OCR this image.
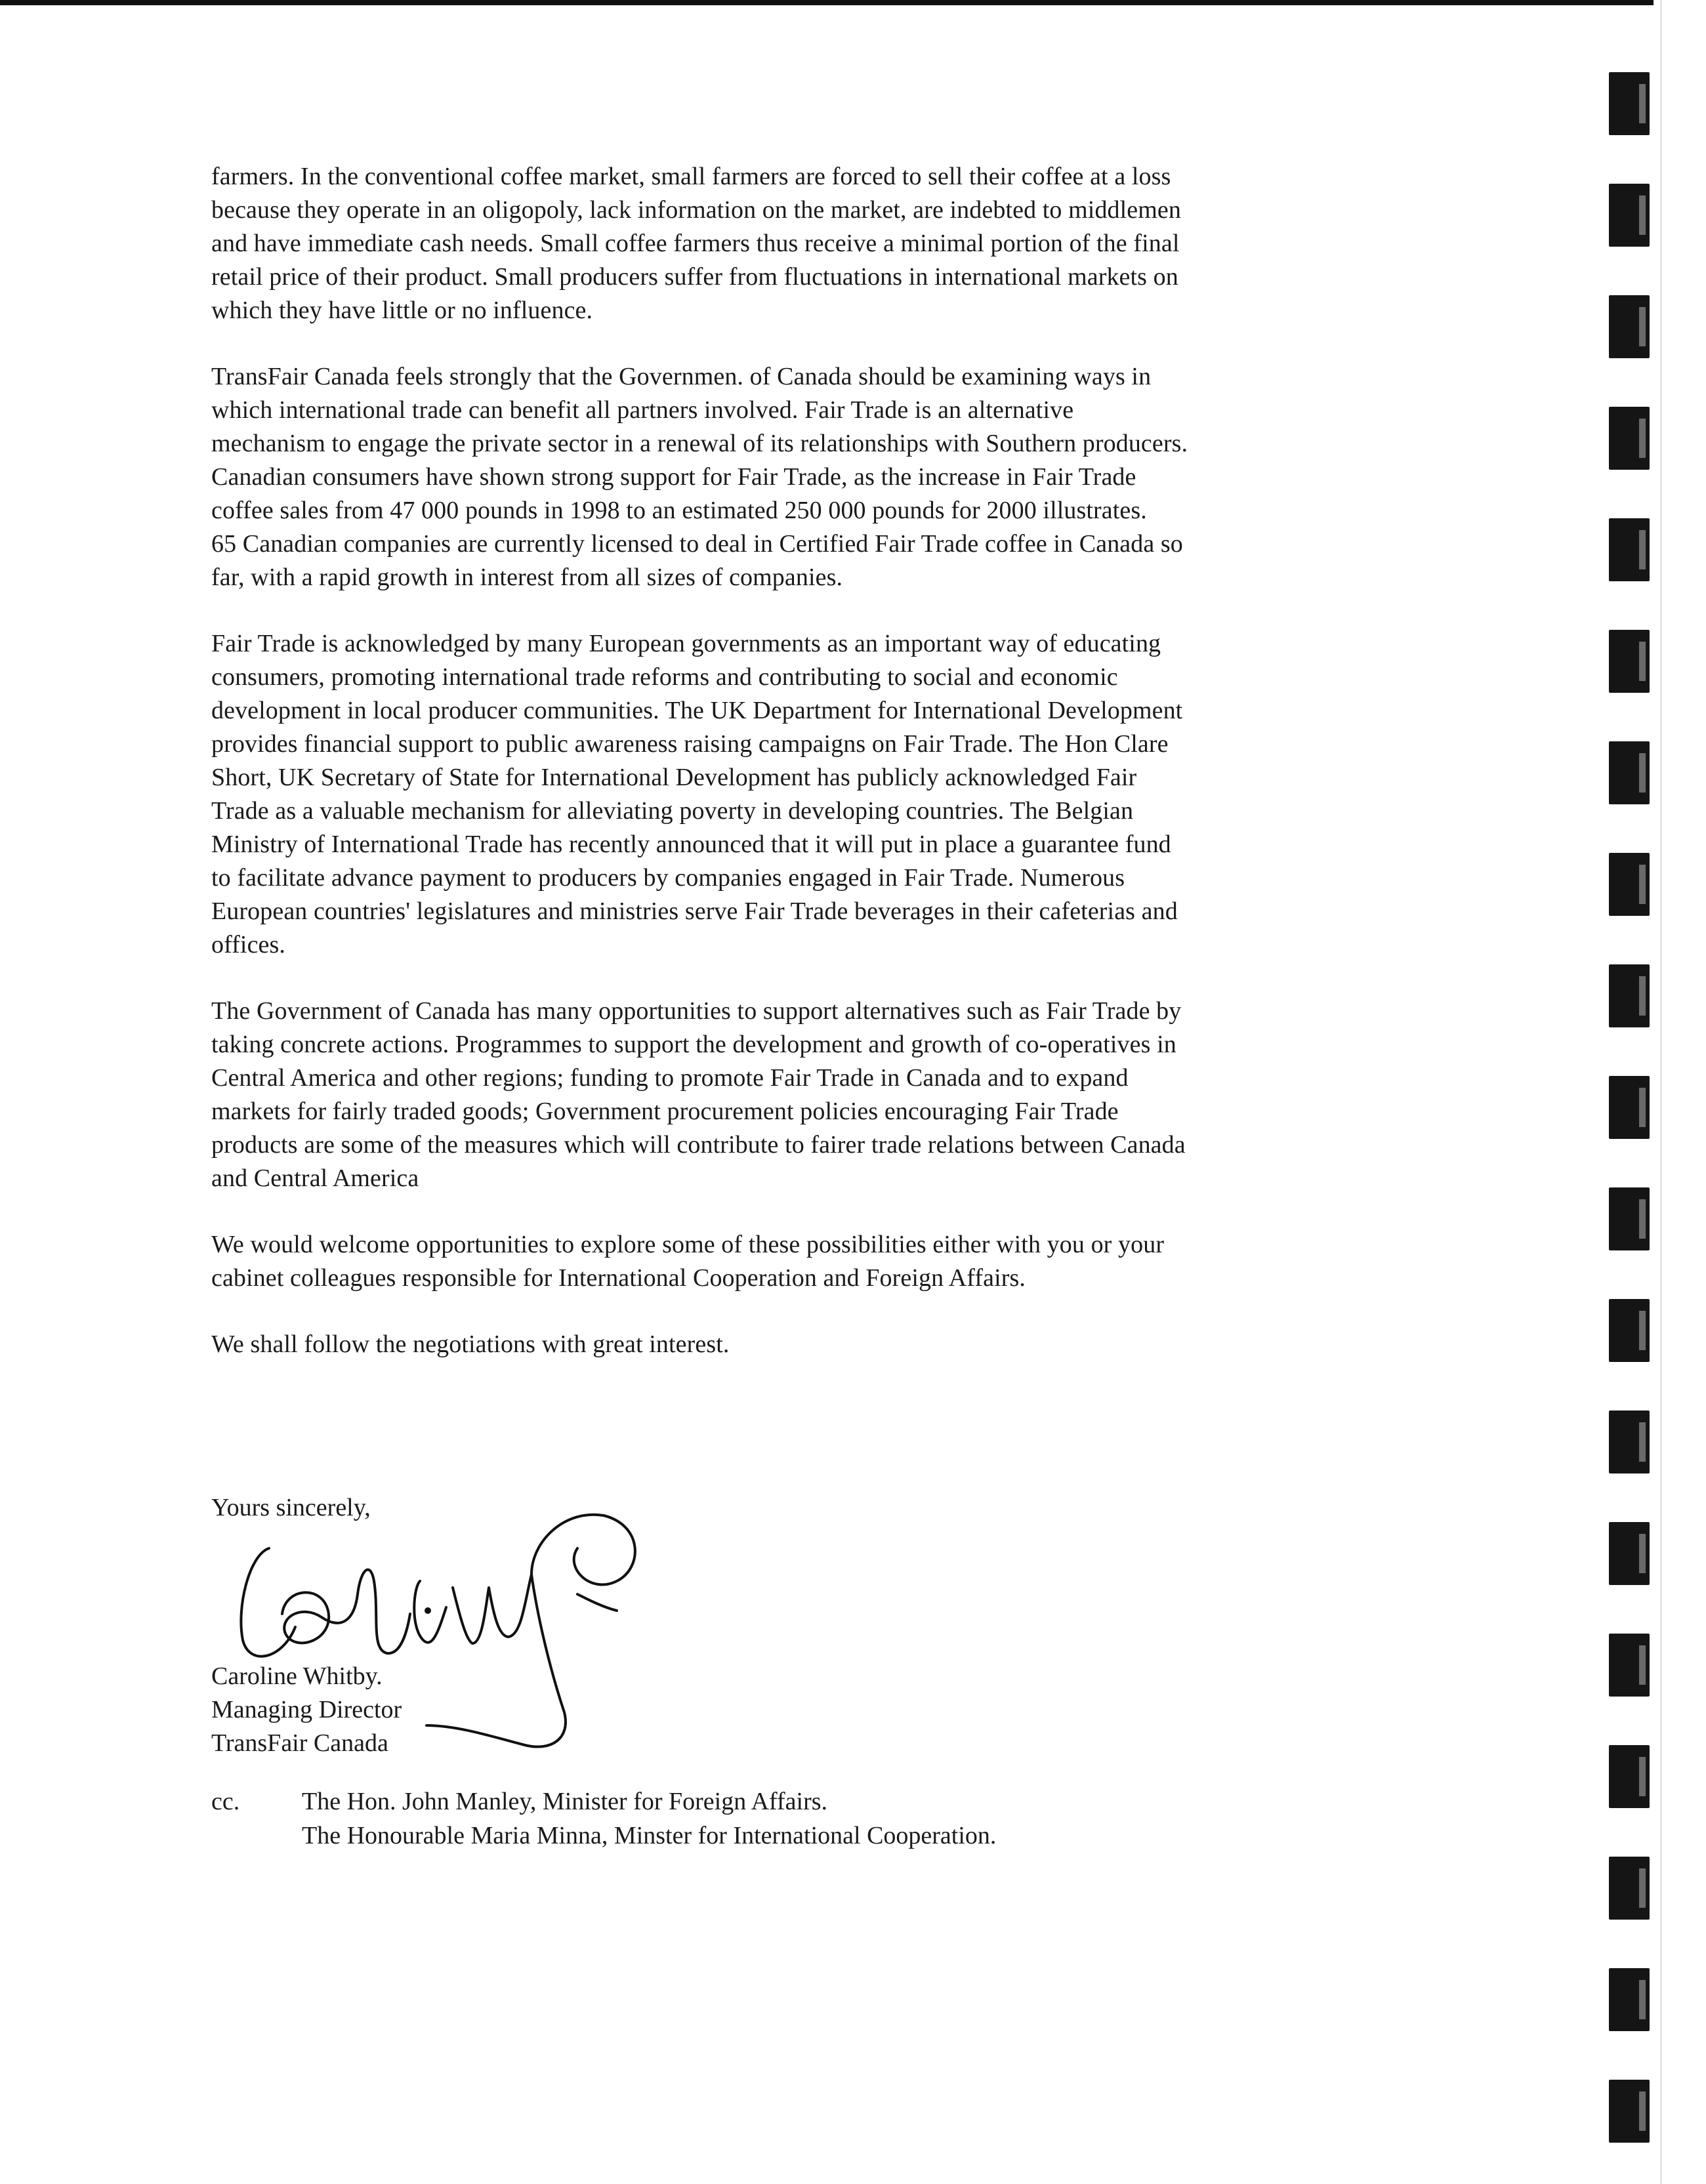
farmers. In the conventional coffee market, small farmers are forced to sell their coffee at a loss
because they operate in an oligopoly, lack information on the market, are indebted to middlemen
and have immediate cash needs. Small coffee farmers thus receive a minimal portion of the final
retail price of their product. Small producers suffer from fluctuations in international markets on
which they have little or no influence.

TransFair Canada feels strongly that the Governmen. of Canada should be examining ways in
which international trade can benefit all partners involved. Fair Trade is an alternative
mechanism to engage the private sector in a renewal of its relationships with Southern producers.
Canadian consumers have shown strong support for Fair Trade, as the increase in Fair Trade
coffee sales from 47 000 pounds in 1998 to an estimated 250 000 pounds for 2000 illustrates.
65 Canadian companies are currently licensed to deal in Certified Fair Trade coffee in Canada so
far, with a rapid growth in interest from all sizes of companies.

Fair Trade is acknowledged by many European governments as an important way of educating
consumers, promoting international trade reforms and contributing to social and economic
development in local producer communities. The UK Department for International Development
provides financial support to public awareness raising campaigns on Fair Trade. The Hon Clare
Short, UK Secretary of State for International Development has publicly acknowledged Fair
Trade as a valuable mechanism for alleviating poverty in developing countries. The Belgian
Ministry of International Trade has recently announced that it will put in place a guarantee fund
to facilitate advance payment to producers by companies engaged in Fair Trade. Numerous
European countries' legislatures and ministries serve Fair Trade beverages in their cafeterias and
offices.

The Government of Canada has many opportunities to support alternatives such as Fair Trade by
taking concrete actions. Programmes to support the development and growth of co-operatives in
Central America and other regions; funding to promote Fair Trade in Canada and to expand
markets for fairly traded goods; Government procurement policies encouraging Fair Trade
products are some of the measures which will contribute to fairer trade relations between Canada
and Central America

We would welcome opportunities to explore some of these possibilities either with you or your
cabinet colleagues responsible for International Cooperation and Foreign Affairs.

We shall follow the negotiations with great interest.

Yours sincerely,
Caroline Whitby.
Managing Director
TransFair Canada
cc.	The Hon. John Manley, Minister for Foreign Affairs.
The Honourable Maria Minna, Minster for International Cooperation.
